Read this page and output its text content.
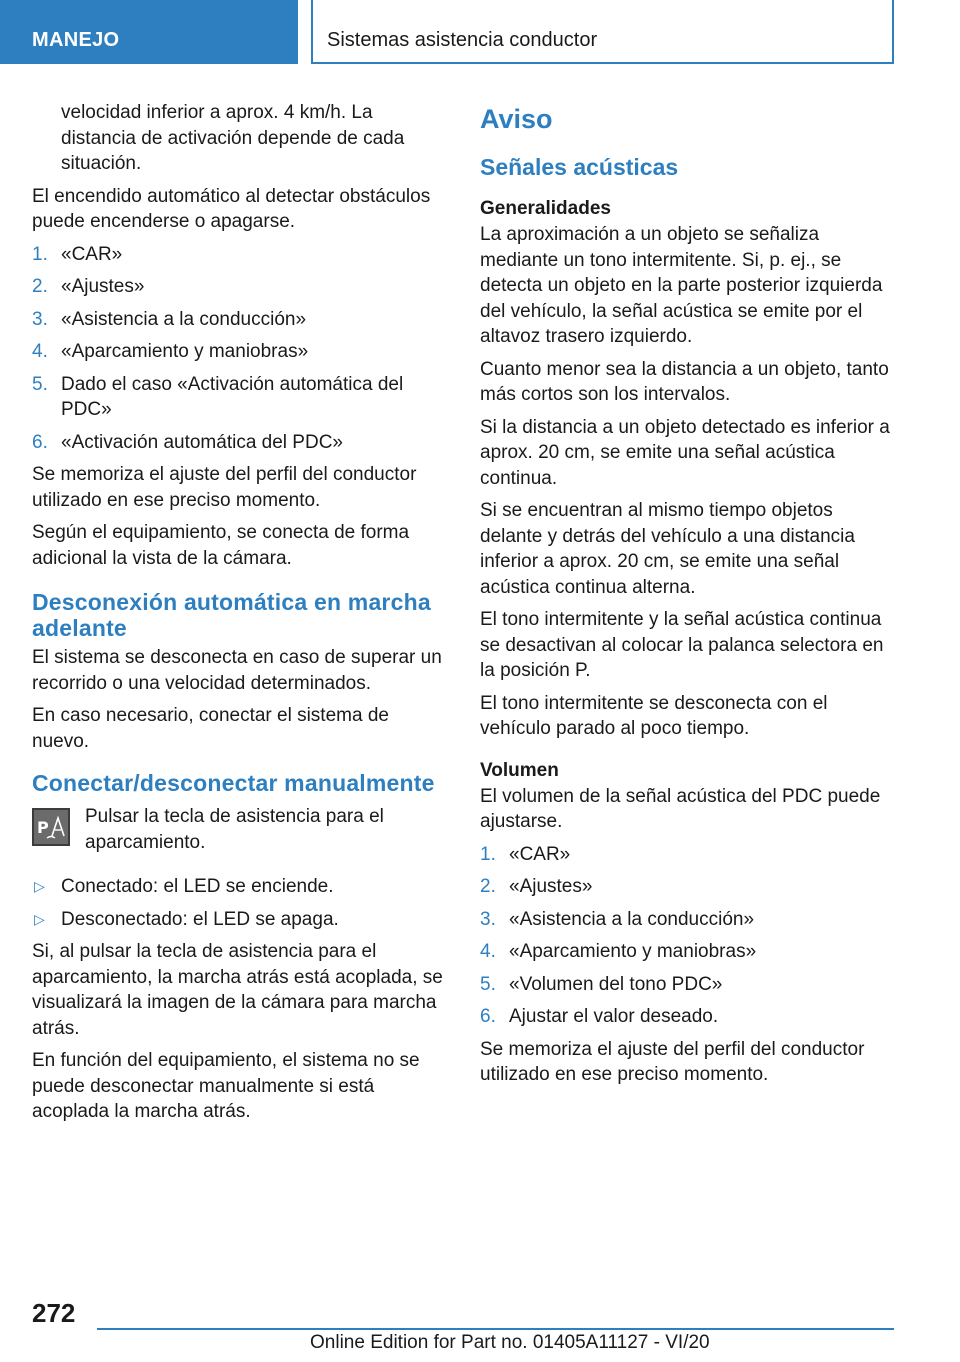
MANEJO	Sistemas asistencia conductor

velocidad inferior a aprox. 4 km/h. La distancia de activación depende de cada situación.

El encendido automático al detectar obstáculos puede encenderse o apagarse.

1. «CAR»
2. «Ajustes»
3. «Asistencia a la conducción»
4. «Aparcamiento y maniobras»
5. Dado el caso «Activación automática del PDC»
6. «Activación automática del PDC»

Se memoriza el ajuste del perfil del conductor utilizado en ese preciso momento.

Según el equipamiento, se conecta de forma adicional la vista de la cámara.

Desconexión automática en marcha adelante

El sistema se desconecta en caso de superar un recorrido o una velocidad determinados.

En caso necesario, conectar el sistema de nuevo.

Conectar/desconectar manualmente
P
Pulsar la tecla de asistencia para el aparcamiento.
▷ Conectado: el LED se enciende.
▷ Desconectado: el LED se apaga.

Si, al pulsar la tecla de asistencia para el aparcamiento, la marcha atrás está acoplada, se visualizará la imagen de la cámara para marcha atrás.

En función del equipamiento, el sistema no se puede desconectar manualmente si está acoplada la marcha atrás.

Aviso
Señales acústicas
Generalidades

La aproximación a un objeto se señaliza mediante un tono intermitente. Si, p. ej., se detecta un objeto en la parte posterior izquierda del vehículo, la señal acústica se emite por el altavoz trasero izquierdo.

Cuanto menor sea la distancia a un objeto, tanto más cortos son los intervalos.

Si la distancia a un objeto detectado es inferior a aprox. 20 cm, se emite una señal acústica continua.

Si se encuentran al mismo tiempo objetos delante y detrás del vehículo a una distancia inferior a aprox. 20 cm, se emite una señal acústica continua alterna.

El tono intermitente y la señal acústica continua se desactivan al colocar la palanca selectora en la posición P.

El tono intermitente se desconecta con el vehículo parado al poco tiempo.

Volumen

El volumen de la señal acústica del PDC puede ajustarse.

1. «CAR»
2. «Ajustes»
3. «Asistencia a la conducción»
4. «Aparcamiento y maniobras»
5. «Volumen del tono PDC»
6. Ajustar el valor deseado.

Se memoriza el ajuste del perfil del conductor utilizado en ese preciso momento.

272
Online Edition for Part no. 01405A11127 - VI/20
